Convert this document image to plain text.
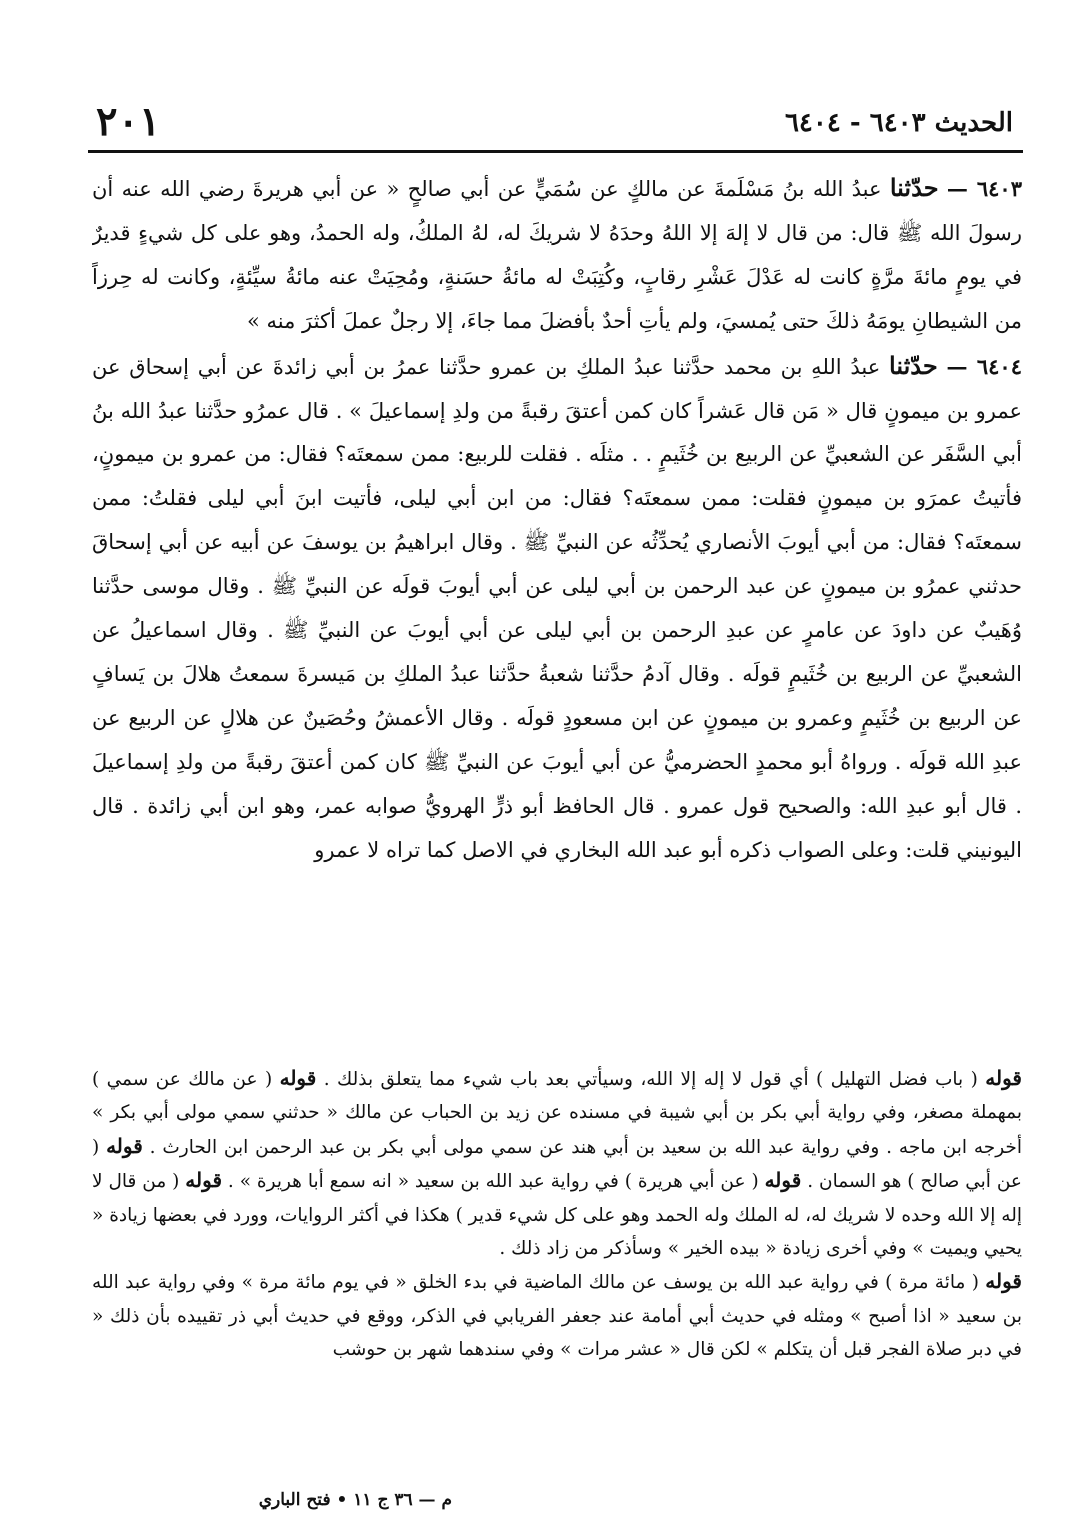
الحديث ٦٤٠٣ - ٦٤٠٤
٢٠١

٦٤٠٣ — حدّثنا عبدُ الله بنُ مَسْلَمةَ عن مالكٍ عن سُمَيٍّ عن أبي صالحٍ « عن أبي هريرةَ رضي الله عنه أن رسولَ الله ﷺ قال: من قال لا إلهَ إلا اللهُ وحدَهُ لا شريكَ له، لهُ الملكُ، وله الحمدُ، وهو على كل شيءٍ قديرٌ في يومٍ مائةَ مرَّةٍ كانت له عَدْلَ عَشْرِ رقابٍ، وكُتِبَتْ له مائةُ حسَنةٍ، ومُحِيَتْ عنه مائةُ سيِّئةٍ، وكانت له حِرزاً من الشيطانِ يومَهُ ذلكَ حتى يُمسيَ، ولم يأتِ أحدٌ بأفضلَ مما جاءَ، إلا رجلٌ عملَ أكثرَ منه »

٦٤٠٤ — حدّثنا عبدُ اللهِ بن محمد حدَّثنا عبدُ الملكِ بن عمرو حدَّثنا عمرُ بن أبي زائدةَ عن أبي إسحاق عن عمرو بن ميمونٍ قال « مَن قال عَشراً كان كمن أعتقَ رقبةً من ولدِ إسماعيلَ » . قال عمرُو حدَّثنا عبدُ الله بنُ أبي السَّفَر عن الشعبيِّ عن الربيع بن خُثَيمٍ . . مثلَه . فقلت للربيع: ممن سمعتَه؟ فقال: من عمرو بن ميمونٍ، فأتيتُ عمرَو بن ميمونٍ فقلت: ممن سمعتَه؟ فقال: من ابن أبي ليلى، فأتيت ابنَ أبي ليلى فقلتُ: ممن سمعتَه؟ فقال: من أبي أيوبَ الأنصاري يُحدِّثُه عن النبيِّ ﷺ . وقال ابراهيمُ بن يوسفَ عن أبيه عن أبي إسحاقَ حدثني عمرُو بن ميمونٍ عن عبد الرحمن بن أبي ليلى عن أبي أيوبَ قولَه عن النبيِّ ﷺ . وقال موسى حدَّثنا وُهَيبٌ عن داودَ عن عامرٍ عن عبدِ الرحمن بن أبي ليلى عن أبي أيوبَ عن النبيِّ ﷺ . وقال اسماعيلُ عن الشعبيِّ عن الربيع بن خُثَيمٍ قولَه . وقال آدمُ حدَّثنا شعبةُ حدَّثنا عبدُ الملكِ بن مَيسرةَ سمعتُ هلالَ بن يَسافٍ عن الربيع بن خُثَيمٍ وعمرو بن ميمونٍ عن ابن مسعودٍ قولَه . وقال الأعمشُ وحُصَينٌ عن هلالٍ عن الربيع عن عبدِ الله قولَه . ورواهُ أبو محمدٍ الحضرميُّ عن أبي أيوبَ عن النبيِّ ﷺ كان كمن أعتقَ رقبةً من ولدِ إسماعيلَ . قال أبو عبدِ الله: والصحيح قول عمرو . قال الحافظ أبو ذرٍّ الهرويُّ صوابه عمر، وهو ابن أبي زائدة . قال اليونيني قلت: وعلى الصواب ذكره أبو عبد الله البخاري في الاصل كما تراه لا عمرو

قوله ( باب فضل التهليل ) أي قول لا إله إلا الله، وسيأتي بعد باب شيء مما يتعلق بذلك . قوله ( عن مالك عن سمي ) بمهملة مصغر، وفي رواية أبي بكر بن أبي شيبة في مسنده عن زيد بن الحباب عن مالك « حدثني سمي مولى أبي بكر » أخرجه ابن ماجه . وفي رواية عبد الله بن سعيد بن أبي هند عن سمي مولى أبي بكر بن عبد الرحمن ابن الحارث . قوله ( عن أبي صالح ) هو السمان . قوله ( عن أبي هريرة ) في رواية عبد الله بن سعيد « انه سمع أبا هريرة » . قوله ( من قال لا إله إلا الله وحده لا شريك له، له الملك وله الحمد وهو على كل شيء قدير ) هكذا في أكثر الروايات، وورد في بعضها زيادة « يحيي ويميت » وفي أخرى زيادة « بيده الخير » وسأذكر من زاد ذلك .

قوله ( مائة مرة ) في رواية عبد الله بن يوسف عن مالك الماضية في بدء الخلق « في يوم مائة مرة » وفي رواية عبد الله بن سعيد « اذا أصبح » ومثله في حديث أبي أمامة عند جعفر الفريابي في الذكر، ووقع في حديث أبي ذر تقييده بأن ذلك « في دبر صلاة الفجر قبل أن يتكلم » لكن قال « عشر مرات » وفي سندهما شهر بن حوشب

م — ٣٦ ج ١١ • فتح الباري
